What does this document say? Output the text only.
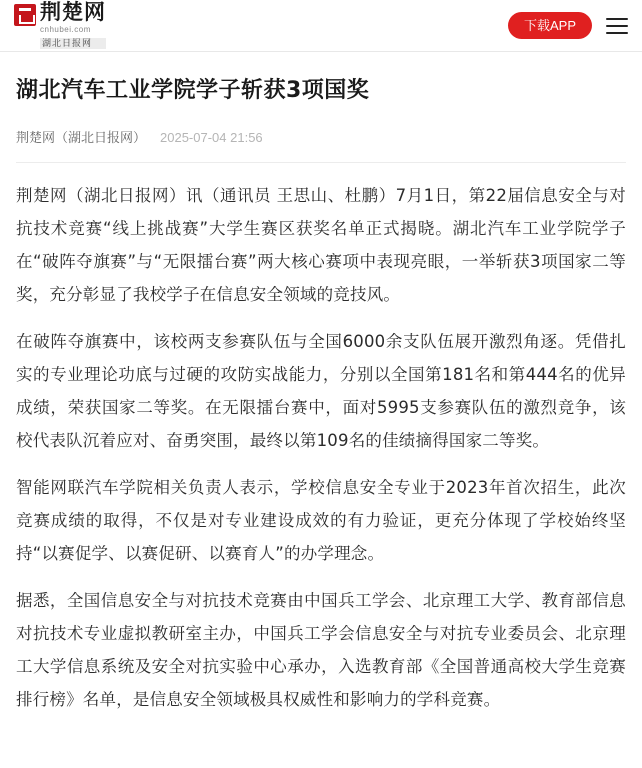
荆楚网
cnhubei.com
湖北日报网
下载APP
湖北汽车工业学院学子斩获3项国奖
荆楚网（湖北日报网） 2025-07-04 21:56

荆楚网（湖北日报网）讯（通讯员 王思山、杜鹏）7月1日，第22届信息安全与对抗技术竞赛“线上挑战赛”大学生赛区获奖名单正式揭晓。湖北汽车工业学院学子在“破阵夺旗赛”与“无限擂台赛”两大核心赛项中表现亮眼，一举斩获3项国家二等奖，充分彰显了我校学子在信息安全领域的竞技风。

在破阵夺旗赛中，该校两支参赛队伍与全国6000余支队伍展开激烈角逐。凭借扎实的专业理论功底与过硬的攻防实战能力，分别以全国第181名和第444名的优异成绩，荣获国家二等奖。在无限擂台赛中，面对5995支参赛队伍的激烈竞争，该校代表队沉着应对、奋勇突围，最终以第109名的佳绩摘得国家二等奖。

智能网联汽车学院相关负责人表示，学校信息安全专业于2023年首次招生，此次竞赛成绩的取得，不仅是对专业建设成效的有力验证，更充分体现了学校始终坚持“以赛促学、以赛促研、以赛育人”的办学理念。

据悉，全国信息安全与对抗技术竞赛由中国兵工学会、北京理工大学、教育部信息对抗技术专业虚拟教研室主办，中国兵工学会信息安全与对抗专业委员会、北京理工大学信息系统及安全对抗实验中心承办，入选教育部《全国普通高校大学生竞赛排行榜》名单，是信息安全领域极具权威性和影响力的学科竞赛。
